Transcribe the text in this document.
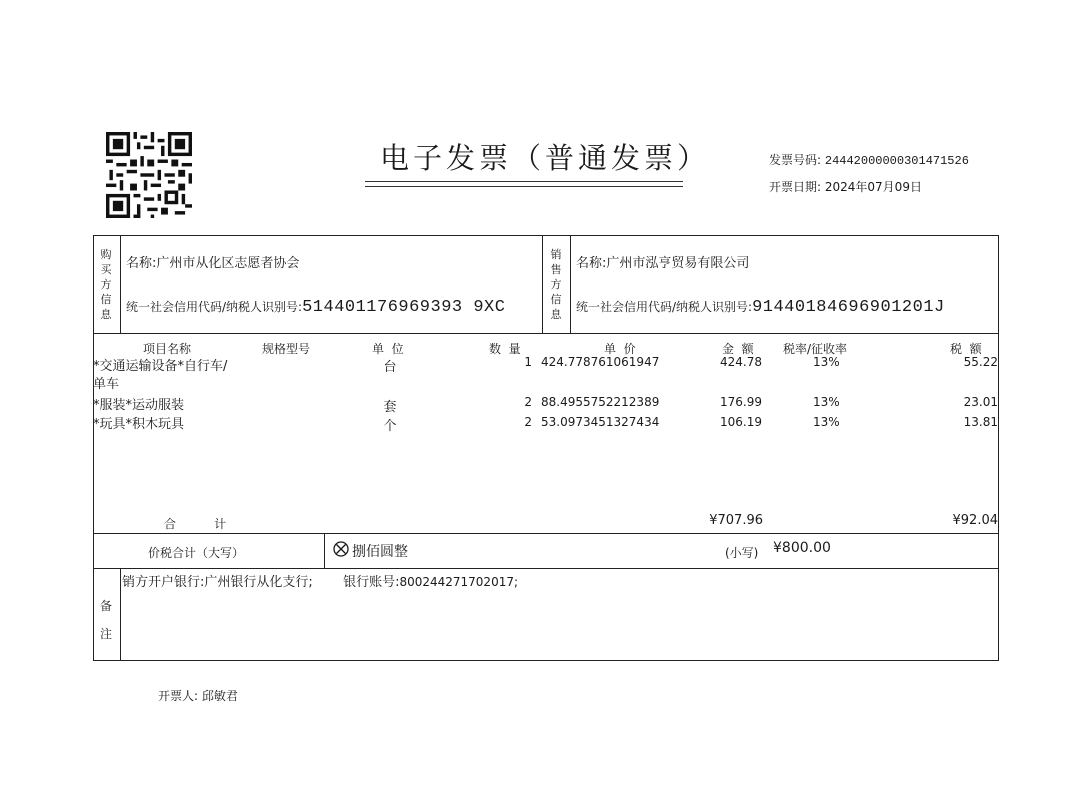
电子发票（普通发票）	发票号码: 24442000000301471526
开票日期: 2024年07月09日
购
买
方
信
息
名称:广州市从化区志愿者协会
统一社会信用代码/纳税人识别号:514401176969393 9XC
销
售
方
信
息
名称:广州市泓亨贸易有限公司
统一社会信用代码/纳税人识别号:91440184696901201J
项目名称	规格型号	单  位	数  量	单  价	金  额 税率/征收率	税  额
*交通运输设备*自行车/
单车
台	1 424.778761061947	424.78	13%	55.22
*服装*运动服装	套	2 88.4955752212389	176.99	13%	23.01
*玩具*积木玩具	个	2 53.0973451327434	106.19	13%	13.81
合          计	¥707.96	¥92.04
价税合计（大写）	捌佰圆整	(小写) ¥800.00
备
注
销方开户银行:广州银行从化支行; 银行账号:800244271702017;
开票人: 邱敏君
